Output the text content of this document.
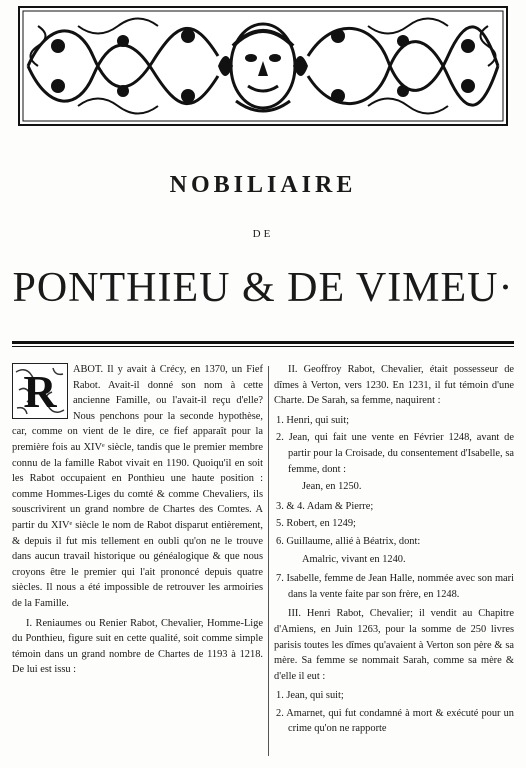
NOBILIAIRE
DE
PONTHIEU & DE VIMEU·
R	ABOT. Il y avait à Crécy, en 1370, un Fief Rabot. Avait-il donné son nom à cette ancienne Famille, ou l'avait-il reçu d'elle? Nous penchons pour la seconde hypothèse, car, comme on vient de le dire, ce fief apparaît pour la première fois au XIVᵉ siècle, tandis que le premier membre connu de la famille Rabot vivait en 1190. Quoiqu'il en soit les Rabot occupaient en Ponthieu une haute position : comme Hommes-Liges du comté & comme Chevaliers, ils souscrivirent un grand nombre de Chartes des Comtes. A partir du XIVᵉ siècle le nom de Rabot disparut entièrement, & depuis il fut mis tellement en oubli qu'on ne le trouve dans aucun travail historique ou généalogique & que nous croyons être le premier qui l'ait prononcé depuis quatre siècles. Il nous a été impossible de retrouver les armoiries de la Famille.

I. Reniaumes ou Renier Rabot, Chevalier, Homme-Lige du Ponthieu, figure suit en cette qualité, soit comme simple témoin dans un grand nombre de Chartes de 1193 à 1218. De lui est issu :

II. Geoffroy Rabot, Chevalier, était possesseur de dîmes à Verton, vers 1230. En 1231, il fut témoin d'une Charte. De Sarah, sa femme, naquirent :

1. Henri, qui suit;
2. Jean, qui fait une vente en Février 1248, avant de partir pour la Croisade, du consentement d'Isabelle, sa femme, dont :

Jean, en 1250.

3. & 4. Adam & Pierre;
5. Robert, en 1249;
6. Guillaume, allié à Béatrix, dont:

Amalric, vivant en 1240.

7. Isabelle, femme de Jean Halle, nommée avec son mari dans la vente faite par son frère, en 1248.

III. Henri Rabot, Chevalier; il vendit au Chapitre d'Amiens, en Juin 1263, pour la somme de 250 livres parisis toutes les dîmes qu'avaient à Verton son père & sa mère. Sa femme se nommait Sarah, comme sa mère & d'elle il eut :

1. Jean, qui suit;
2. Amarnet, qui fut condamné à mort & exécuté pour un crime qu'on ne rapporte
